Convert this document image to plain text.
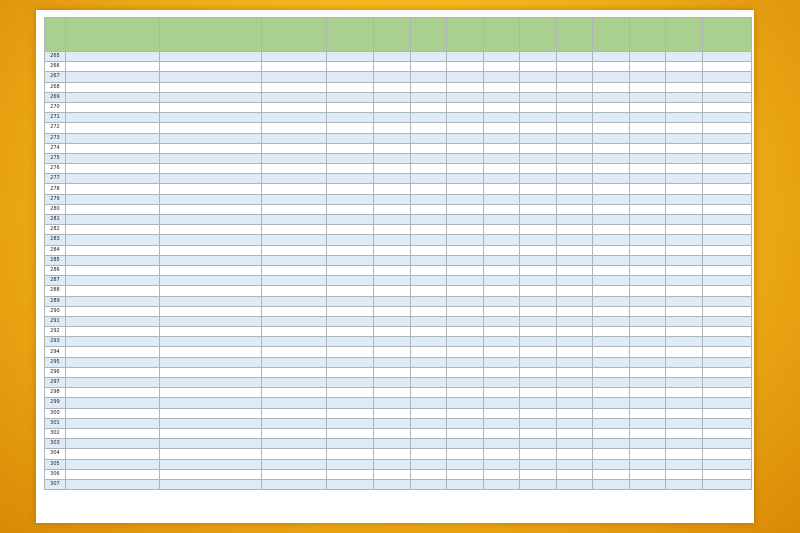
265														
266														
267														
268														
269														
270														
271														
272														
273														
274														
275														
276														
277														
278														
279														
280														
281														
282														
283														
284														
285														
286														
287														
288														
289														
290														
291														
292														
293														
294														
295														
296														
297														
298														
299														
300														
301														
302														
303														
304														
305														
306														
307														
